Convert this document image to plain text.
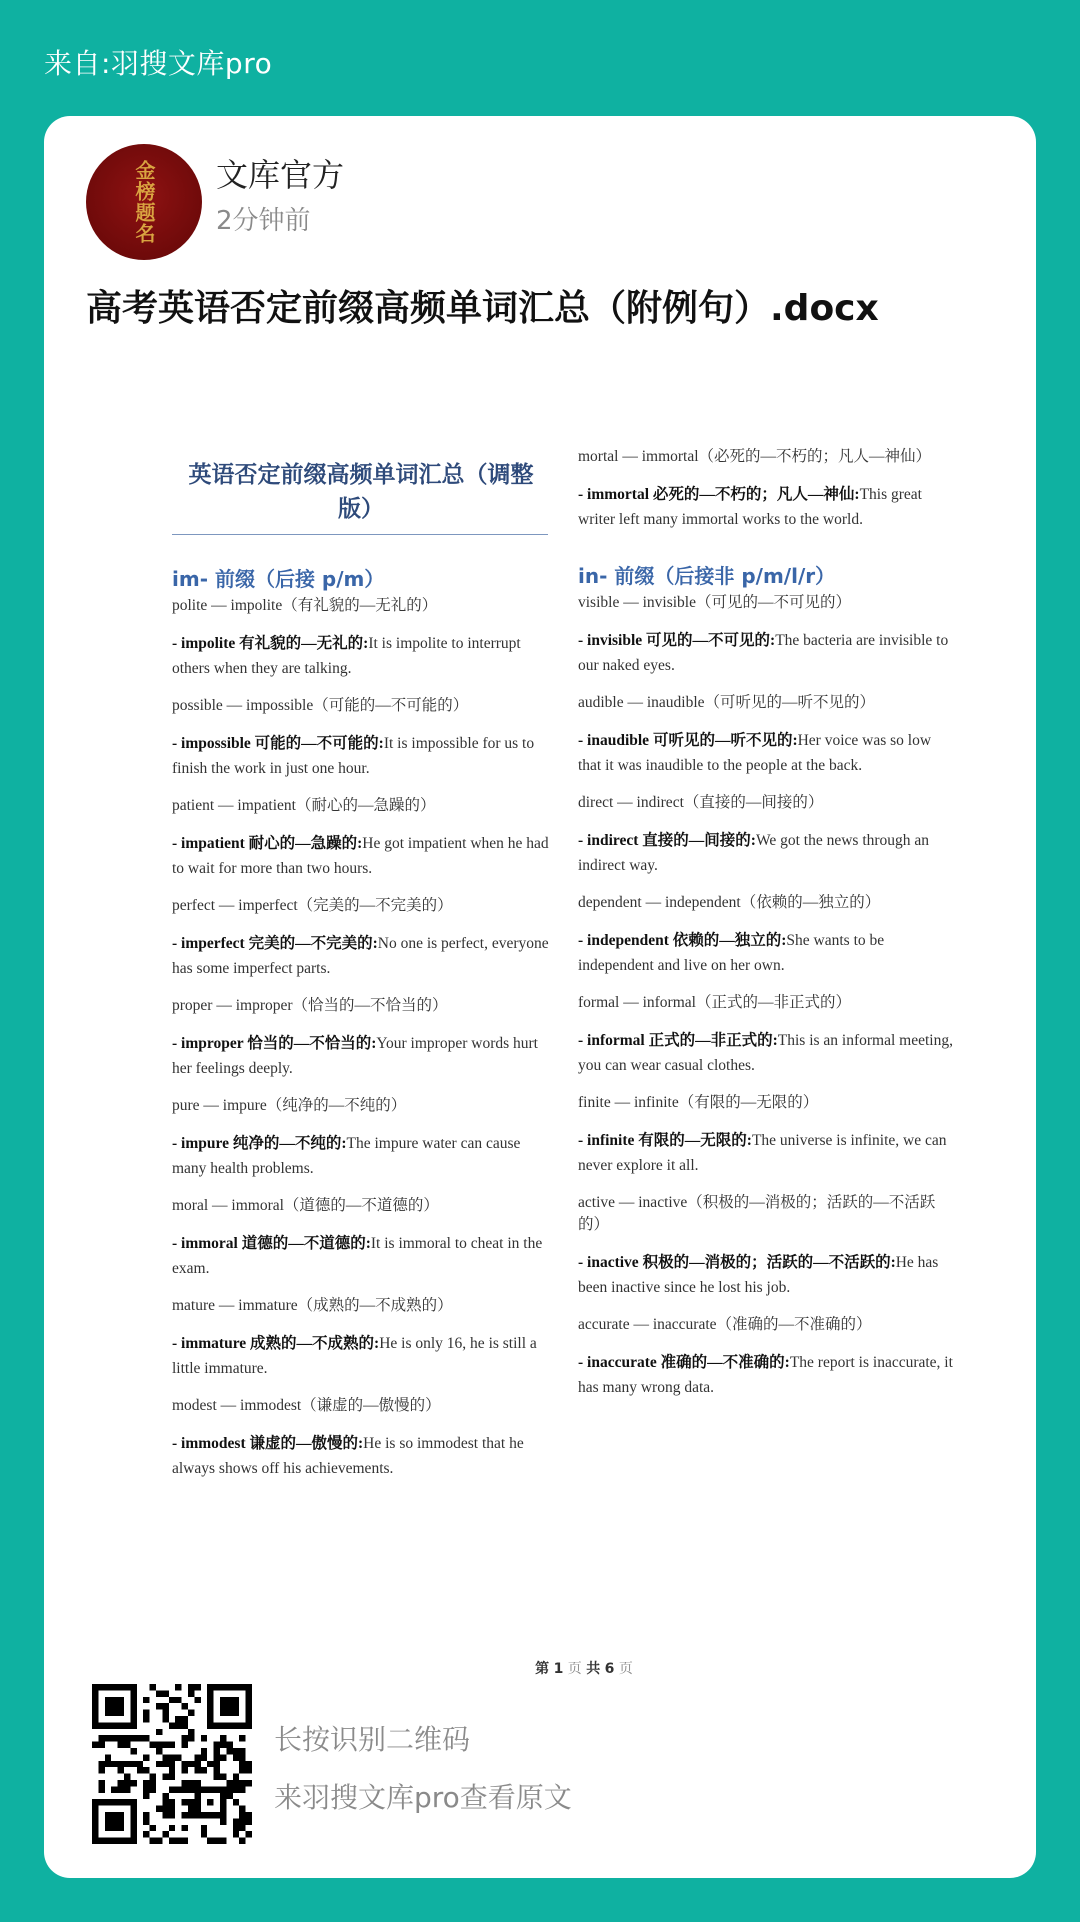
来自:羽搜文库pro
金榜题名 文库官方
2分钟前
高考英语否定前缀高频单词汇总（附例句）.docx
英语否定前缀高频单词汇总（调整版）
im- 前缀（后接 p/m）
polite — impolite（有礼貌的—无礼的）
- impolite 有礼貌的—无礼的:It is impolite to interrupt others when they are talking.
possible — impossible（可能的—不可能的）
- impossible 可能的—不可能的:It is impossible for us to finish the work in just one hour.
patient — impatient（耐心的—急躁的）
- impatient 耐心的—急躁的:He got impatient when he had to wait for more than two hours.
perfect — imperfect（完美的—不完美的）
- imperfect 完美的—不完美的:No one is perfect, everyone has some imperfect parts.
proper — improper（恰当的—不恰当的）
- improper 恰当的—不恰当的:Your improper words hurt her feelings deeply.
pure — impure（纯净的—不纯的）
- impure 纯净的—不纯的:The impure water can cause many health problems.
moral — immoral（道德的—不道德的）
- immoral 道德的—不道德的:It is immoral to cheat in the exam.
mature — immature（成熟的—不成熟的）
- immature 成熟的—不成熟的:He is only 16, he is still a little immature.
modest — immodest（谦虚的—傲慢的）
- immodest 谦虚的—傲慢的:He is so immodest that he always shows off his achievements.
mortal — immortal（必死的—不朽的；凡人—神仙）
- immortal 必死的—不朽的；凡人—神仙:This great writer left many immortal works to the world.
in- 前缀（后接非 p/m/l/r）
visible — invisible（可见的—不可见的）
- invisible 可见的—不可见的:The bacteria are invisible to our naked eyes.
audible — inaudible（可听见的—听不见的）
- inaudible 可听见的—听不见的:Her voice was so low that it was inaudible to the people at the back.
direct — indirect（直接的—间接的）
- indirect 直接的—间接的:We got the news through an indirect way.
dependent — independent（依赖的—独立的）
- independent 依赖的—独立的:She wants to be independent and live on her own.
formal — informal（正式的—非正式的）
- informal 正式的—非正式的:This is an informal meeting, you can wear casual clothes.
finite — infinite（有限的—无限的）
- infinite 有限的—无限的:The universe is infinite, we can never explore it all.
active — inactive（积极的—消极的；活跃的—不活跃的）
- inactive 积极的—消极的；活跃的—不活跃的:He has been inactive since he lost his job.
accurate — inaccurate（准确的—不准确的）
- inaccurate 准确的—不准确的:The report is inaccurate, it has many wrong data.
第 1 页 共 6 页
长按识别二维码
来羽搜文库pro查看原文
